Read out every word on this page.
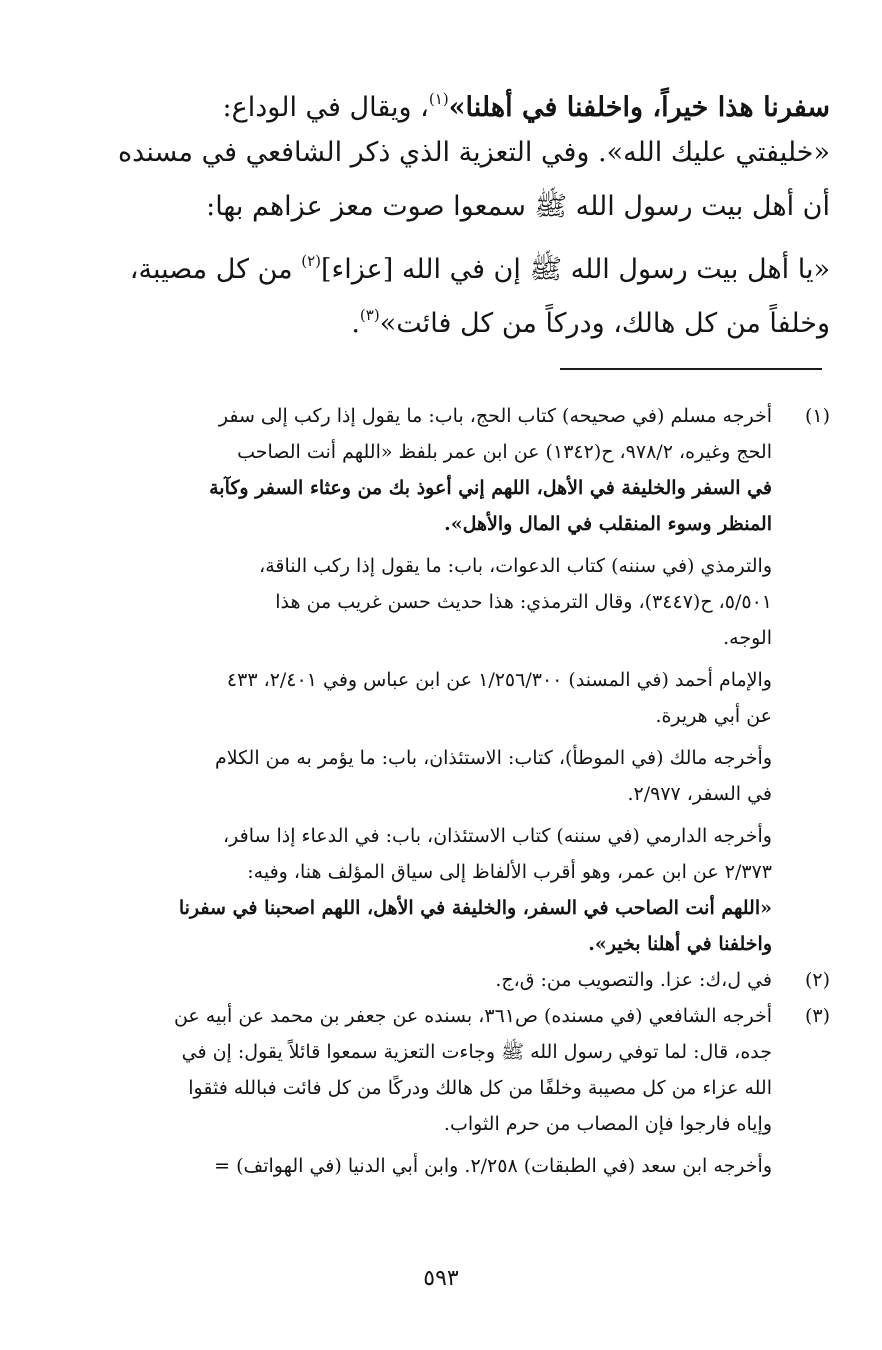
سفرنا هذا خيراً، واخلفنا في أهلنا»$^{(١)}$، ويقال في الوداع:
«خليفتي عليك الله». وفي التعزية الذي ذكر الشافعي في مسنده
أن أهل بيت رسول الله ﷺ سمعوا صوت معز عزاهم بها:
«يا أهل بيت رسول الله ﷺ إن في الله [عزاء]$^{(٢)}$ من كل مصيبة،
وخلفاً من كل هالك، ودركاً من كل فائت»$^{(٣)}$.
(١)
أخرجه مسلم (في صحيحه) كتاب الحج، باب: ما يقول إذا ركب إلى سفر
الحج وغيره، ٩٧٨/٢، ح(١٣٤٢) عن ابن عمر بلفظ «اللهم أنت الصاحب
في السفر والخليفة في الأهل، اللهم إني أعوذ بك من وعثاء السفر وكآبة
المنظر وسوء المنقلب في المال والأهل».
والترمذي (في سننه) كتاب الدعوات، باب: ما يقول إذا ركب الناقة،
٥/٥٠١، ح(٣٤٤٧)، وقال الترمذي: هذا حديث حسن غريب من هذا
الوجه.
والإمام أحمد (في المسند) ١/٢٥٦/٣٠٠ عن ابن عباس وفي ٢/٤٠١، ٤٣٣
عن أبي هريرة.
وأخرجه مالك (في الموطأ)، كتاب: الاستئذان، باب: ما يؤمر به من الكلام
في السفر، ٢/٩٧٧.
وأخرجه الدارمي (في سننه) كتاب الاستئذان، باب: في الدعاء إذا سافر،
٢/٣٧٣ عن ابن عمر، وهو أقرب الألفاظ إلى سياق المؤلف هنا، وفيه:
«اللهم أنت الصاحب في السفر، والخليفة في الأهل، اللهم اصحبنا في سفرنا
واخلفنا في أهلنا بخير».
(٢)
في ل،ك: عزا. والتصويب من: ق،ج.
(٣)
أخرجه الشافعي (في مسنده) ص٣٦١، بسنده عن جعفر بن محمد عن أبيه عن
جده، قال: لما توفي رسول الله ﷺ وجاءت التعزية سمعوا قائلاً يقول: إن في
الله عزاء من كل مصيبة وخلفًا من كل هالك ودركًا من كل فائت فبالله فثقوا
وإياه فارجوا فإن المصاب من حرم الثواب.
وأخرجه ابن سعد (في الطبقات) ٢/٢٥٨. وابن أبي الدنيا (في الهواتف) =
٥٩٣
